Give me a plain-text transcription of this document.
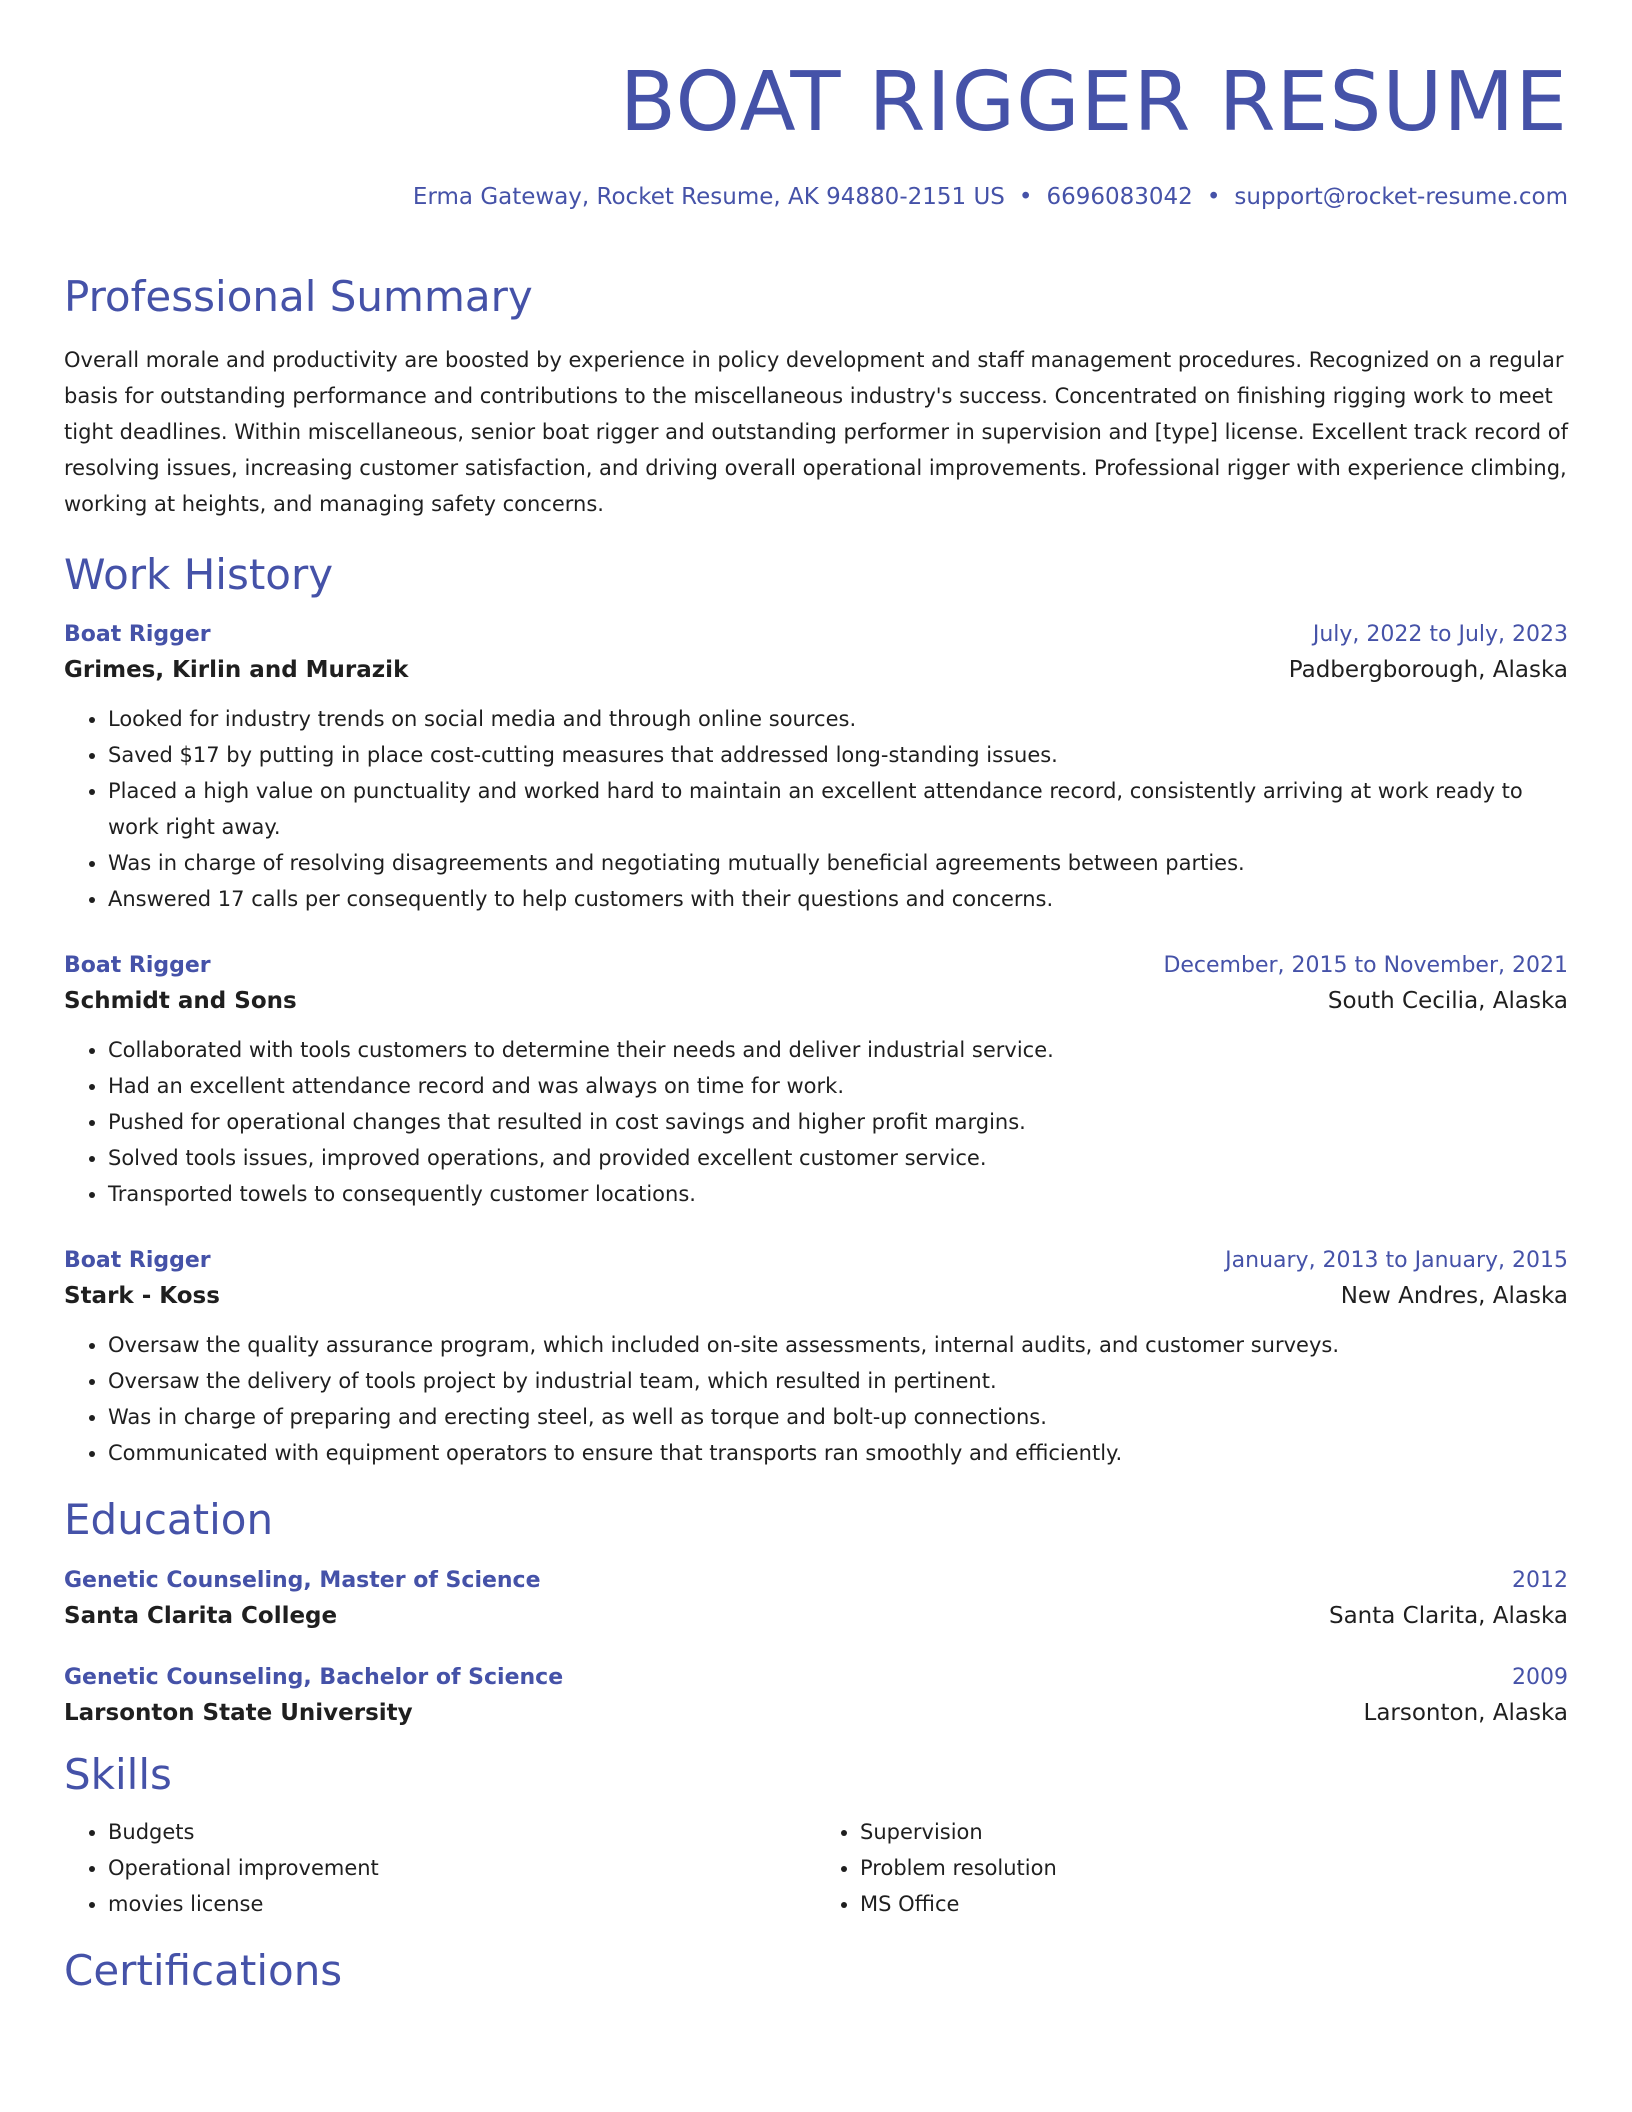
BOAT RIGGER RESUME
Erma Gateway, Rocket Resume, AK 94880-2151 US • 6696083042 • support@rocket-resume.com
Professional Summary

Overall morale and productivity are boosted by experience in policy development and staff management procedures. Recognized on a regular basis for outstanding performance and contributions to the miscellaneous industry's success. Concentrated on finishing rigging work to meet tight deadlines. Within miscellaneous, senior boat rigger and outstanding performer in supervision and [type] license. Excellent track record of resolving issues, increasing customer satisfaction, and driving overall operational improvements. Professional rigger with experience climbing, working at heights, and managing safety concerns.

Work History
Boat Rigger	July, 2022 to July, 2023
Grimes, Kirlin and Murazik	Padbergborough, Alaska
• Looked for industry trends on social media and through online sources.
• Saved $17 by putting in place cost-cutting measures that addressed long-standing issues.
• Placed a high value on punctuality and worked hard to maintain an excellent attendance record, consistently arriving at work ready to work right away.
• Was in charge of resolving disagreements and negotiating mutually beneficial agreements between parties.
• Answered 17 calls per consequently to help customers with their questions and concerns.
Boat Rigger	December, 2015 to November, 2021
Schmidt and Sons	South Cecilia, Alaska
• Collaborated with tools customers to determine their needs and deliver industrial service.
• Had an excellent attendance record and was always on time for work.
• Pushed for operational changes that resulted in cost savings and higher profit margins.
• Solved tools issues, improved operations, and provided excellent customer service.
• Transported towels to consequently customer locations.
Boat Rigger	January, 2013 to January, 2015
Stark - Koss	New Andres, Alaska
• Oversaw the quality assurance program, which included on-site assessments, internal audits, and customer surveys.
• Oversaw the delivery of tools project by industrial team, which resulted in pertinent.
• Was in charge of preparing and erecting steel, as well as torque and bolt-up connections.
• Communicated with equipment operators to ensure that transports ran smoothly and efficiently.
Education
Genetic Counseling, Master of Science	2012
Santa Clarita College	Santa Clarita, Alaska
Genetic Counseling, Bachelor of Science	2009
Larsonton State University	Larsonton, Alaska
Skills
• Budgets
• Operational improvement
• movies license
• Supervision
• Problem resolution
• MS Office
Certifications
